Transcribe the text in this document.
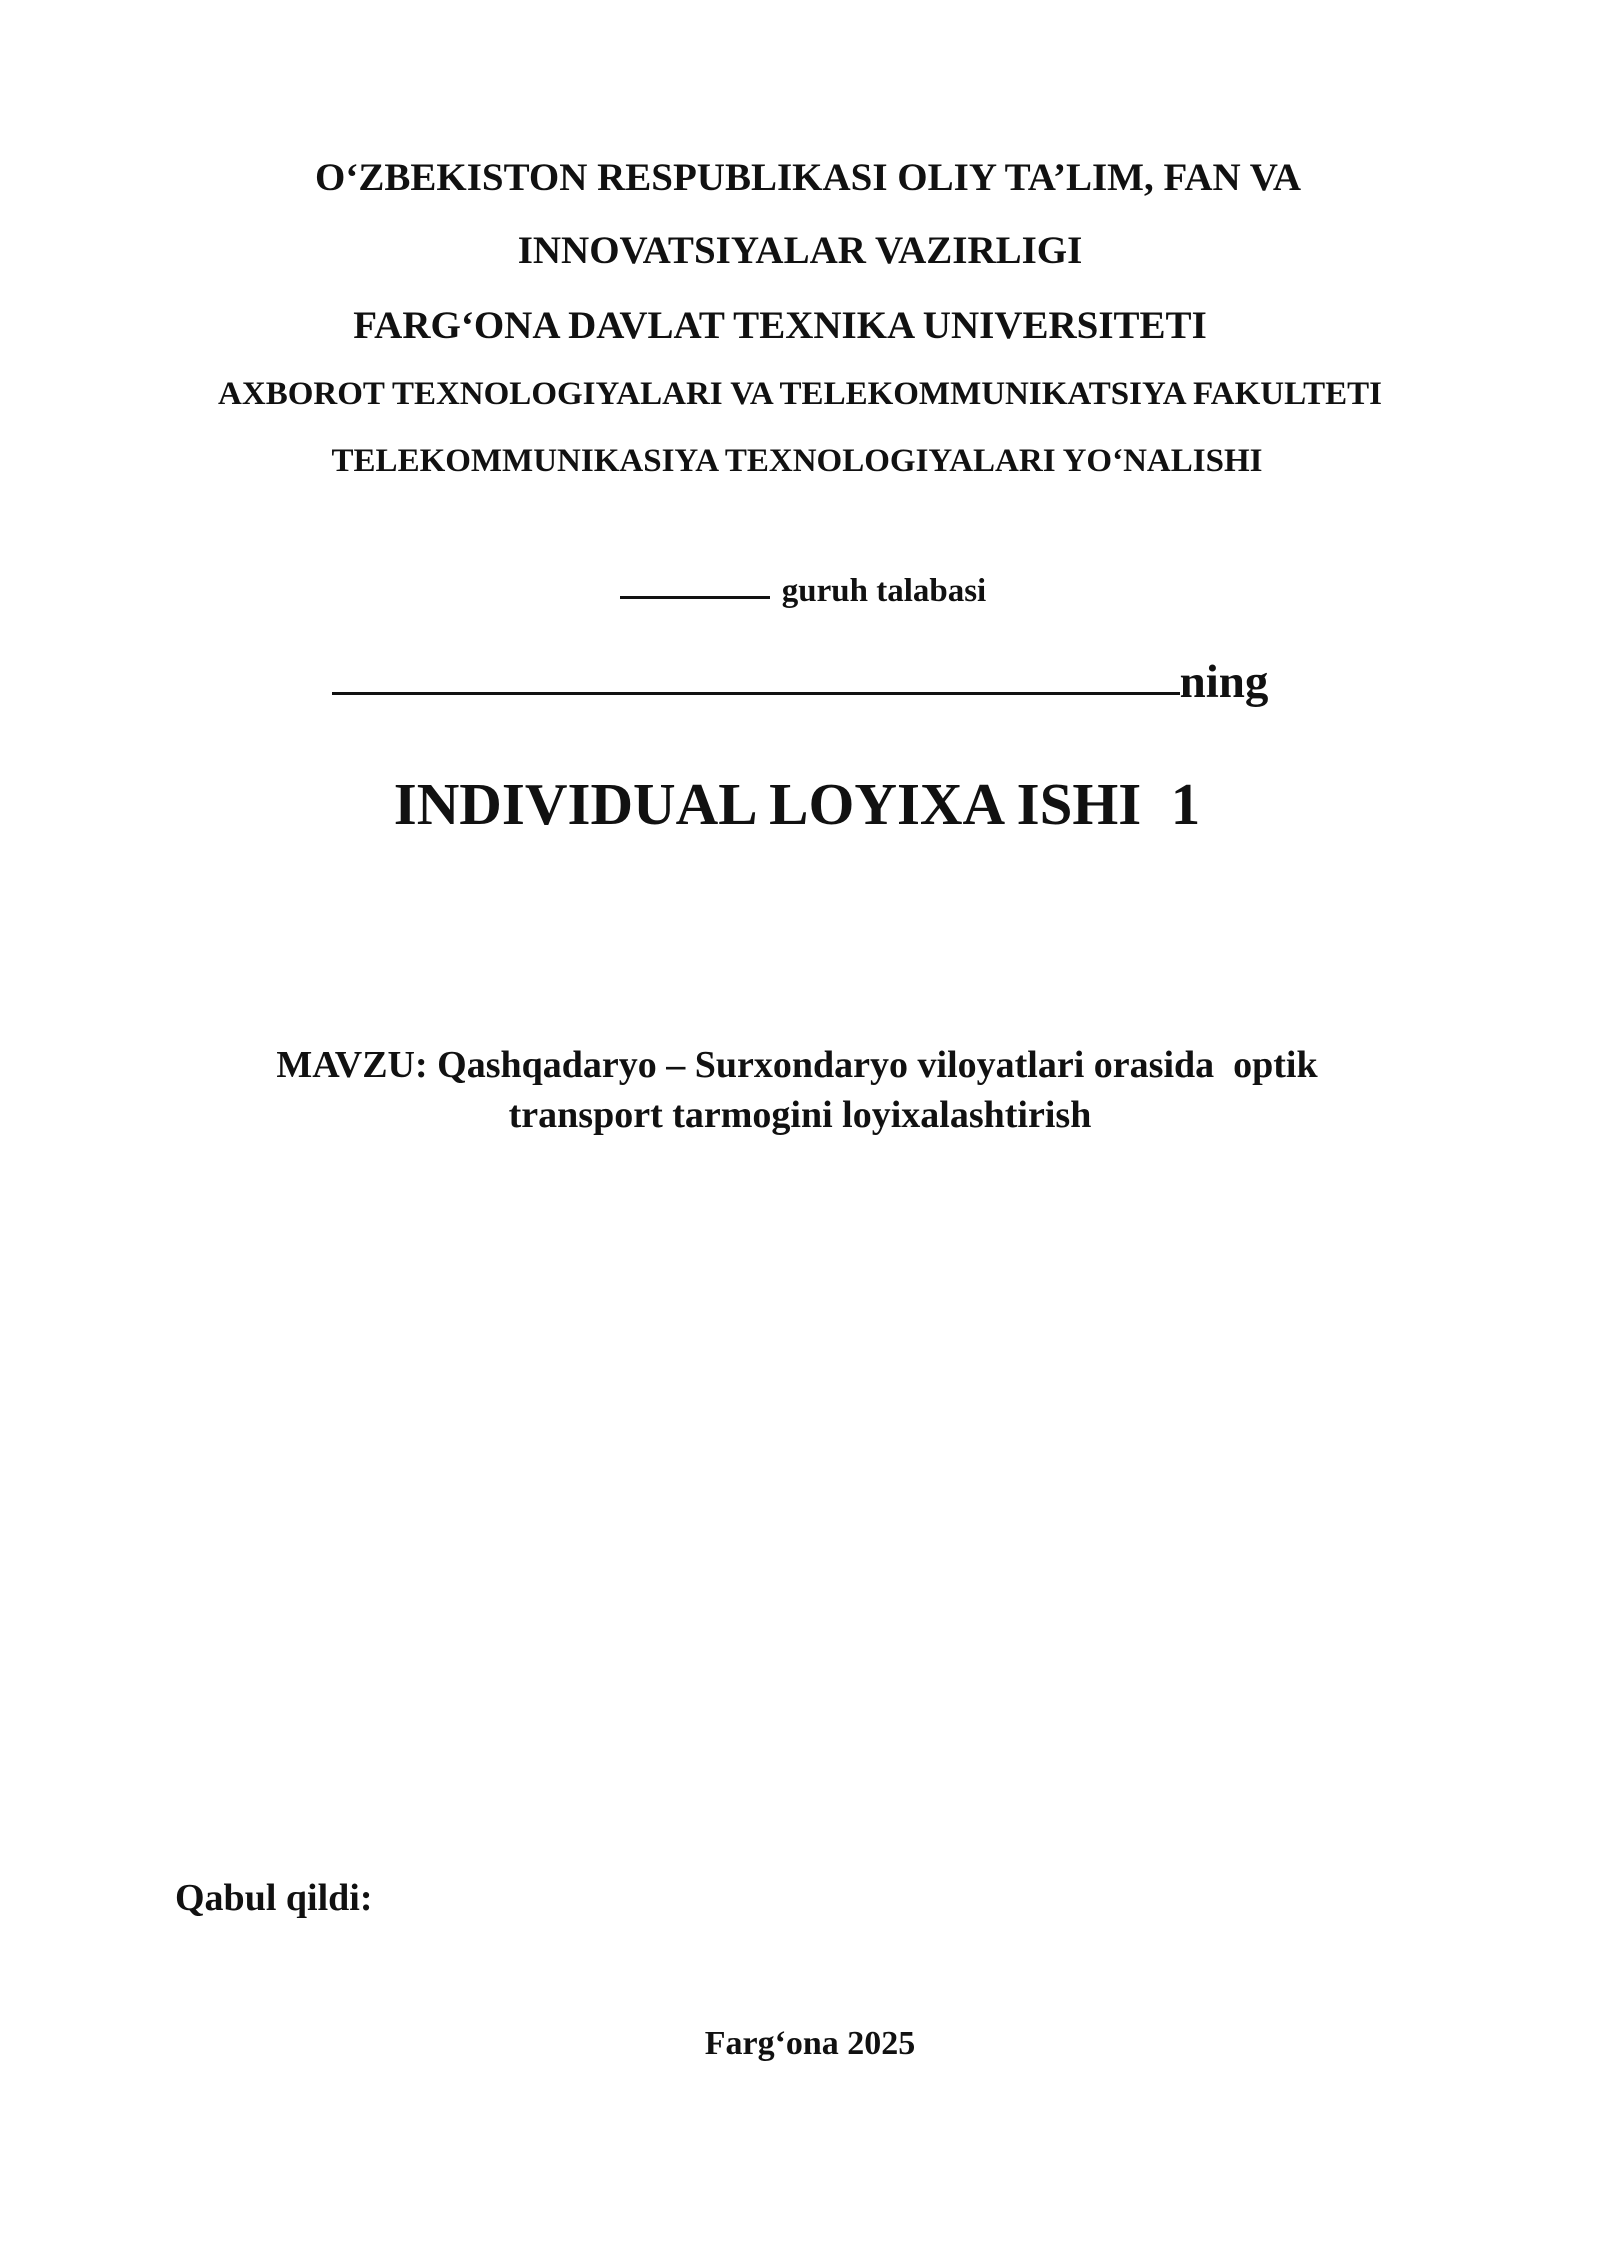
O‘ZBEKISTON RESPUBLIKASI OLIY TA’LIM, FAN VA
INNOVATSIYALAR VAZIRLIGI
FARG‘ONA DAVLAT TEXNIKA UNIVERSITETI
AXBOROT TEXNOLOGIYALARI VA TELEKOMMUNIKATSIYA FAKULTETI
TELEKOMMUNIKASIYA TEXNOLOGIYALARI YO‘NALISHI
guruh talabasi
ning
INDIVIDUAL LOYIXA ISHI  1
MAVZU: Qashqadaryo – Surxondaryo viloyatlari orasida  optik
transport tarmogini loyixalashtirish
Qabul qildi:
Farg‘ona 2025
